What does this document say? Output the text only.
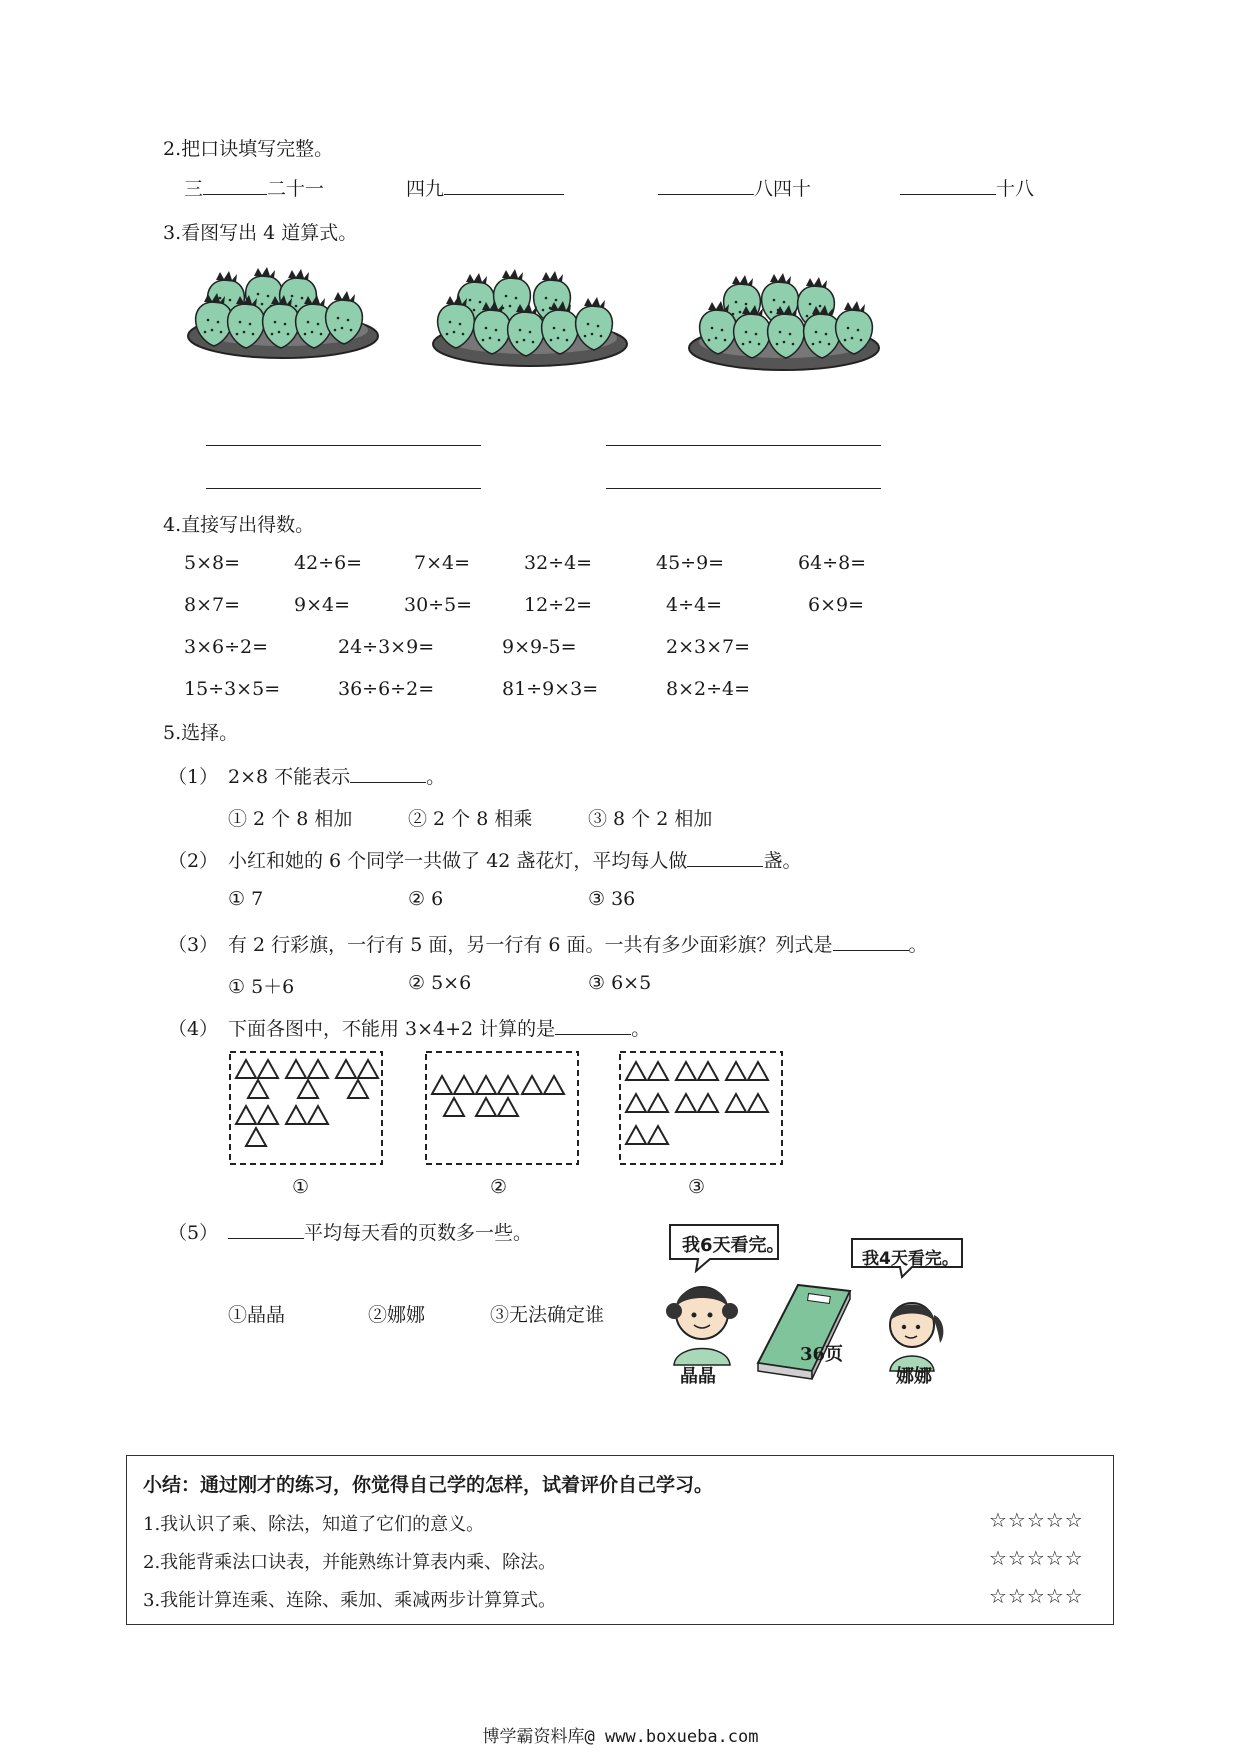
2.把口诀填写完整。
三	二十一	四九	八四十	十八
3.看图写出 4 道算式。
4.直接写出得数。
5×8=	42÷6=	7×4=	32÷4=	45÷9=	64÷8=
8×7=	9×4=	30÷5=	12÷2=	4÷4=	6×9=
3×6÷2=	24÷3×9=	9×9-5=	2×3×7=
15÷3×5=	36÷6÷2=	81÷9×3=	8×2÷4=
5.选择。
（1） 2×8 不能表示	。
① 2 个 8 相加	② 2 个 8 相乘	③ 8 个 2 相加
（2） 小红和她的 6 个同学一共做了 42 盏花灯，平均每人做	盏。
① 7	② 6	③ 36
（3） 有 2 行彩旗，一行有 5 面，另一行有 6 面。一共有多少面彩旗？列式是	。
① 5＋6	② 5×6	③ 6×5
（4） 下面各图中，不能用 3×4+2 计算的是	。
①	②	③
（5）	平均每天看的页数多一些。
①晶晶	②娜娜	③无法确定谁
我6天看完。
我4天看完。
36页
晶晶	娜娜
小结：通过刚才的练习，你觉得自己学的怎样，试着评价自己学习。
1.我认识了乘、除法，知道了它们的意义。	☆☆☆☆☆
2.我能背乘法口诀表，并能熟练计算表内乘、除法。	☆☆☆☆☆
3.我能计算连乘、连除、乘加、乘减两步计算算式。	☆☆☆☆☆
博学霸资料库@ www.boxueba.com
